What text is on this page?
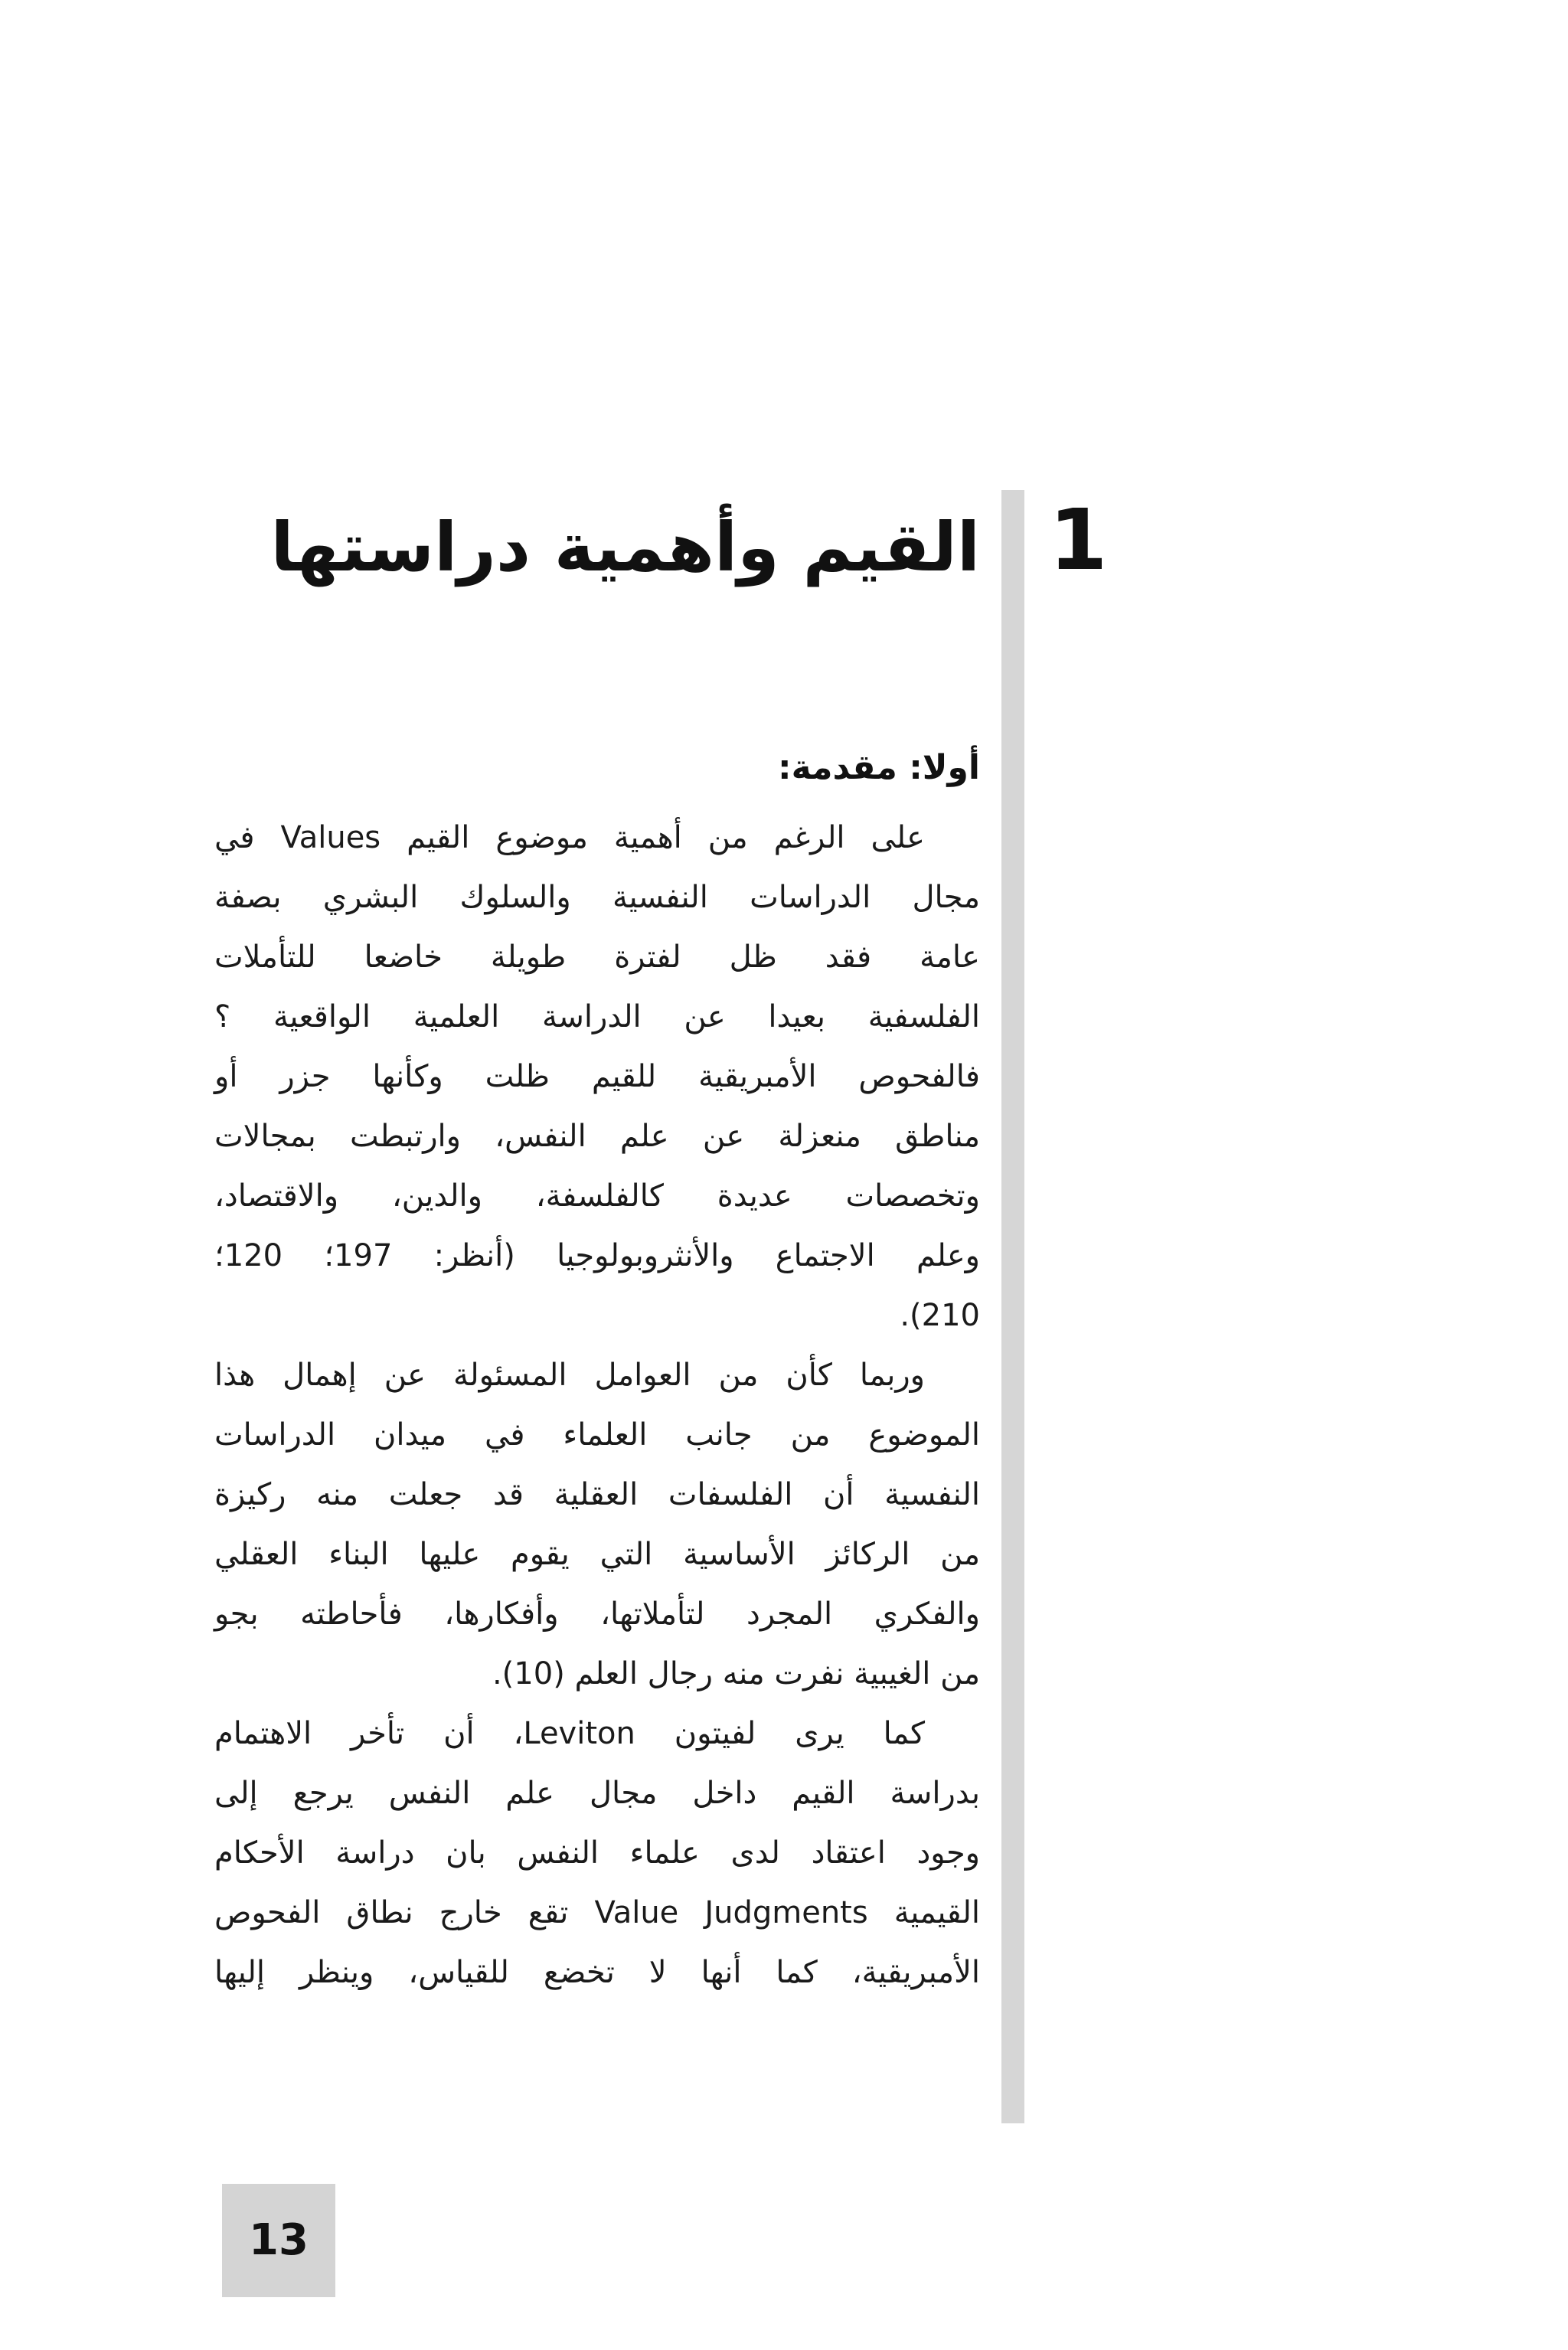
1
القيم وأهمية دراستها
أولا: مقدمة:
على الرغم من أهمية موضوع القيم Values في
مجال الدراسات النفسية والسلوك البشري بصفة
عامة فقد ظل لفترة طويلة خاضعا للتأملات
الفلسفية بعيدا عن الدراسة العلمية الواقعية ؟
فالفحوص الأمبريقية للقيم ظلت وكأنها جزر أو
مناطق منعزلة عن علم النفس، وارتبطت بمجالات
وتخصصات عديدة كالفلسفة، والدين، والاقتصاد،
وعلم الاجتماع والأنثروبولوجيا (أنظر: 197؛ 120؛
210).
وربما كأن من العوامل المسئولة عن إهمال هذا
الموضوع من جانب العلماء في ميدان الدراسات
النفسية أن الفلسفات العقلية قد جعلت منه ركيزة
من الركائز الأساسية التي يقوم عليها البناء العقلي
والفكري المجرد لتأملاتها، وأفكارها، فأحاطته بجو
من الغيبية نفرت منه رجال العلم (10).
كما يرى لفيتون Leviton، أن تأخر الاهتمام
بدراسة القيم داخل مجال علم النفس يرجع إلى
وجود اعتقاد لدى علماء النفس بان دراسة الأحكام
القيمية Value Judgments تقع خارج نطاق الفحوص
الأمبريقية، كما أنها لا تخضع للقياس، وينظر إليها
13
